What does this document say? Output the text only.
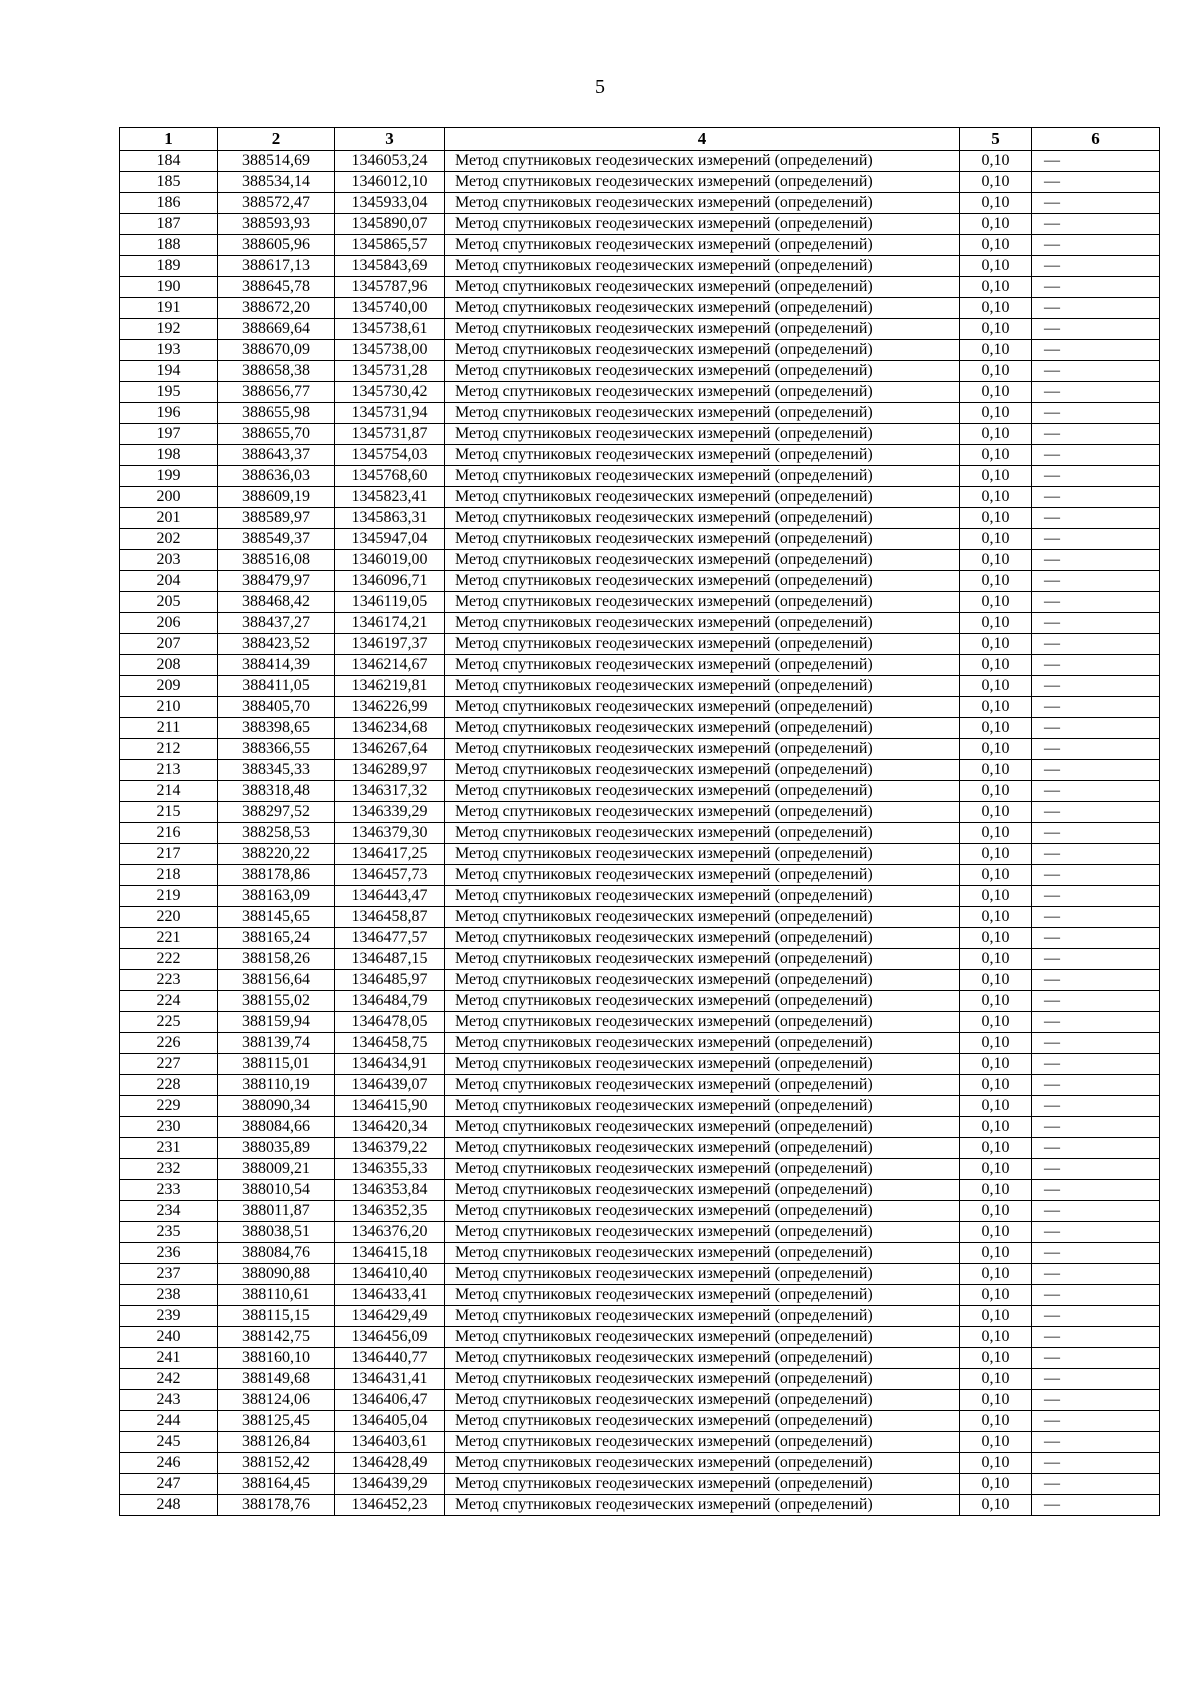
5
1	2	3	4	5	6
184	388514,69	1346053,24	Метод спутниковых геодезических измерений (определений)	0,10	—
185	388534,14	1346012,10	Метод спутниковых геодезических измерений (определений)	0,10	—
186	388572,47	1345933,04	Метод спутниковых геодезических измерений (определений)	0,10	—
187	388593,93	1345890,07	Метод спутниковых геодезических измерений (определений)	0,10	—
188	388605,96	1345865,57	Метод спутниковых геодезических измерений (определений)	0,10	—
189	388617,13	1345843,69	Метод спутниковых геодезических измерений (определений)	0,10	—
190	388645,78	1345787,96	Метод спутниковых геодезических измерений (определений)	0,10	—
191	388672,20	1345740,00	Метод спутниковых геодезических измерений (определений)	0,10	—
192	388669,64	1345738,61	Метод спутниковых геодезических измерений (определений)	0,10	—
193	388670,09	1345738,00	Метод спутниковых геодезических измерений (определений)	0,10	—
194	388658,38	1345731,28	Метод спутниковых геодезических измерений (определений)	0,10	—
195	388656,77	1345730,42	Метод спутниковых геодезических измерений (определений)	0,10	—
196	388655,98	1345731,94	Метод спутниковых геодезических измерений (определений)	0,10	—
197	388655,70	1345731,87	Метод спутниковых геодезических измерений (определений)	0,10	—
198	388643,37	1345754,03	Метод спутниковых геодезических измерений (определений)	0,10	—
199	388636,03	1345768,60	Метод спутниковых геодезических измерений (определений)	0,10	—
200	388609,19	1345823,41	Метод спутниковых геодезических измерений (определений)	0,10	—
201	388589,97	1345863,31	Метод спутниковых геодезических измерений (определений)	0,10	—
202	388549,37	1345947,04	Метод спутниковых геодезических измерений (определений)	0,10	—
203	388516,08	1346019,00	Метод спутниковых геодезических измерений (определений)	0,10	—
204	388479,97	1346096,71	Метод спутниковых геодезических измерений (определений)	0,10	—
205	388468,42	1346119,05	Метод спутниковых геодезических измерений (определений)	0,10	—
206	388437,27	1346174,21	Метод спутниковых геодезических измерений (определений)	0,10	—
207	388423,52	1346197,37	Метод спутниковых геодезических измерений (определений)	0,10	—
208	388414,39	1346214,67	Метод спутниковых геодезических измерений (определений)	0,10	—
209	388411,05	1346219,81	Метод спутниковых геодезических измерений (определений)	0,10	—
210	388405,70	1346226,99	Метод спутниковых геодезических измерений (определений)	0,10	—
211	388398,65	1346234,68	Метод спутниковых геодезических измерений (определений)	0,10	—
212	388366,55	1346267,64	Метод спутниковых геодезических измерений (определений)	0,10	—
213	388345,33	1346289,97	Метод спутниковых геодезических измерений (определений)	0,10	—
214	388318,48	1346317,32	Метод спутниковых геодезических измерений (определений)	0,10	—
215	388297,52	1346339,29	Метод спутниковых геодезических измерений (определений)	0,10	—
216	388258,53	1346379,30	Метод спутниковых геодезических измерений (определений)	0,10	—
217	388220,22	1346417,25	Метод спутниковых геодезических измерений (определений)	0,10	—
218	388178,86	1346457,73	Метод спутниковых геодезических измерений (определений)	0,10	—
219	388163,09	1346443,47	Метод спутниковых геодезических измерений (определений)	0,10	—
220	388145,65	1346458,87	Метод спутниковых геодезических измерений (определений)	0,10	—
221	388165,24	1346477,57	Метод спутниковых геодезических измерений (определений)	0,10	—
222	388158,26	1346487,15	Метод спутниковых геодезических измерений (определений)	0,10	—
223	388156,64	1346485,97	Метод спутниковых геодезических измерений (определений)	0,10	—
224	388155,02	1346484,79	Метод спутниковых геодезических измерений (определений)	0,10	—
225	388159,94	1346478,05	Метод спутниковых геодезических измерений (определений)	0,10	—
226	388139,74	1346458,75	Метод спутниковых геодезических измерений (определений)	0,10	—
227	388115,01	1346434,91	Метод спутниковых геодезических измерений (определений)	0,10	—
228	388110,19	1346439,07	Метод спутниковых геодезических измерений (определений)	0,10	—
229	388090,34	1346415,90	Метод спутниковых геодезических измерений (определений)	0,10	—
230	388084,66	1346420,34	Метод спутниковых геодезических измерений (определений)	0,10	—
231	388035,89	1346379,22	Метод спутниковых геодезических измерений (определений)	0,10	—
232	388009,21	1346355,33	Метод спутниковых геодезических измерений (определений)	0,10	—
233	388010,54	1346353,84	Метод спутниковых геодезических измерений (определений)	0,10	—
234	388011,87	1346352,35	Метод спутниковых геодезических измерений (определений)	0,10	—
235	388038,51	1346376,20	Метод спутниковых геодезических измерений (определений)	0,10	—
236	388084,76	1346415,18	Метод спутниковых геодезических измерений (определений)	0,10	—
237	388090,88	1346410,40	Метод спутниковых геодезических измерений (определений)	0,10	—
238	388110,61	1346433,41	Метод спутниковых геодезических измерений (определений)	0,10	—
239	388115,15	1346429,49	Метод спутниковых геодезических измерений (определений)	0,10	—
240	388142,75	1346456,09	Метод спутниковых геодезических измерений (определений)	0,10	—
241	388160,10	1346440,77	Метод спутниковых геодезических измерений (определений)	0,10	—
242	388149,68	1346431,41	Метод спутниковых геодезических измерений (определений)	0,10	—
243	388124,06	1346406,47	Метод спутниковых геодезических измерений (определений)	0,10	—
244	388125,45	1346405,04	Метод спутниковых геодезических измерений (определений)	0,10	—
245	388126,84	1346403,61	Метод спутниковых геодезических измерений (определений)	0,10	—
246	388152,42	1346428,49	Метод спутниковых геодезических измерений (определений)	0,10	—
247	388164,45	1346439,29	Метод спутниковых геодезических измерений (определений)	0,10	—
248	388178,76	1346452,23	Метод спутниковых геодезических измерений (определений)	0,10	—
